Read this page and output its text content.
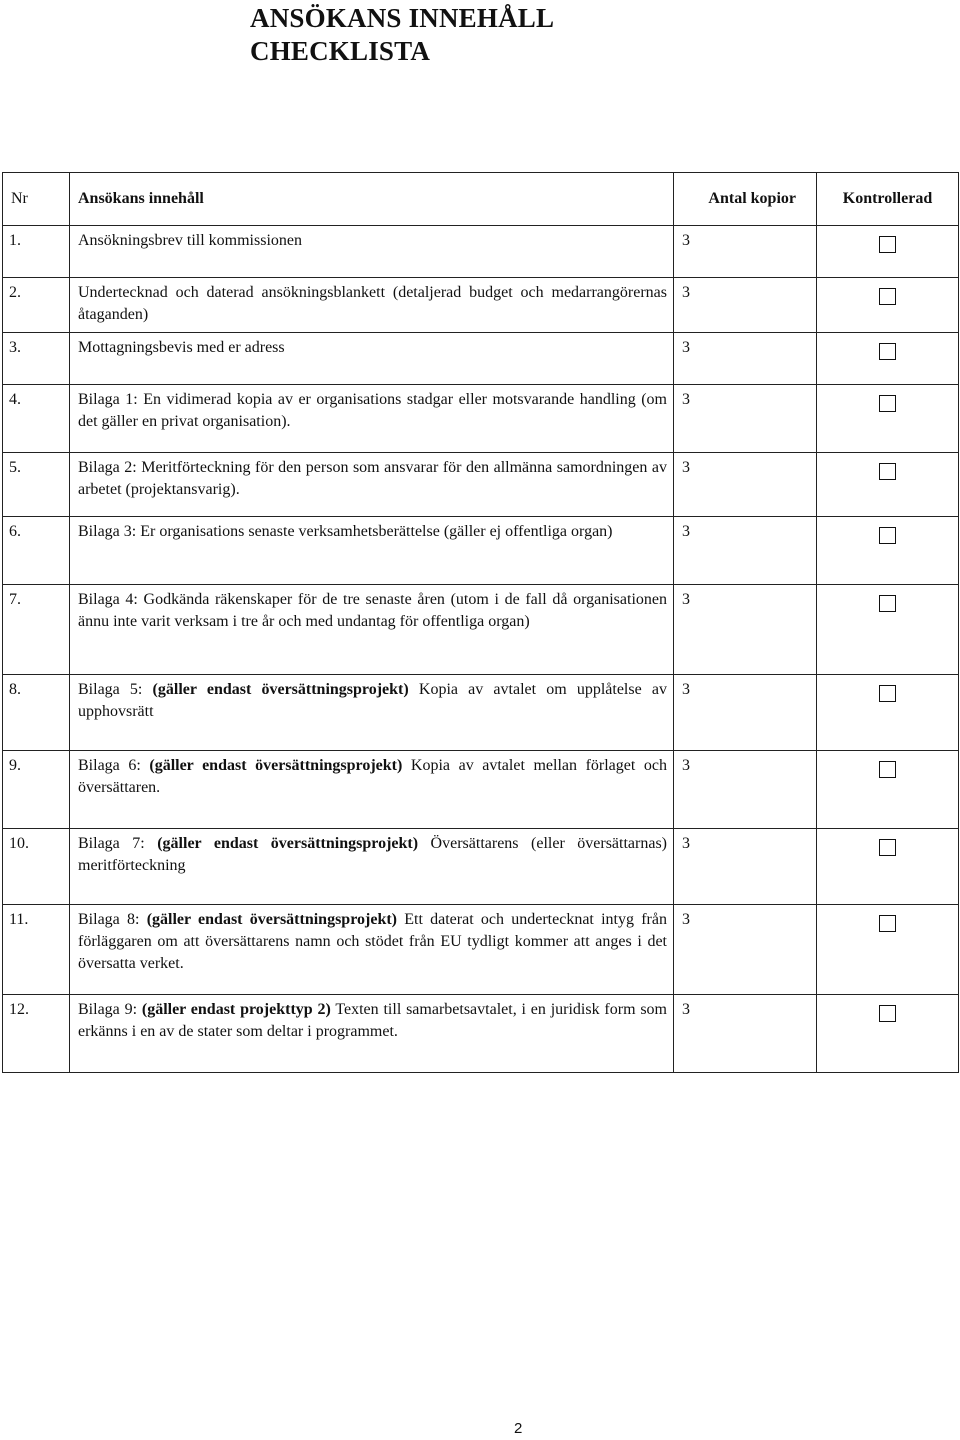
ANSÖKANS INNEHÅLL
CHECKLISTA
Nr	Ansökans innehåll	Antal kopior	Kontrollerad

1.	Ansökningsbrev till kommissionen	3	

2.	Undertecknad och daterad ansökningsblankett (detaljerad budget och medarrangörernas åtaganden)	3	

3.	Mottagningsbevis med er adress	3	

4.	Bilaga 1: En vidimerad kopia av er organisations stadgar eller motsvarande handling (om det gäller en privat organisation).	3	

5.	Bilaga 2: Meritförteckning för den person som ansvarar för den allmänna samordningen av arbetet (projektansvarig).	3	

6.	Bilaga 3: Er organisations senaste verksamhetsberättelse (gäller ej offentliga organ)	3	

7.	Bilaga 4: Godkända räkenskaper för de tre senaste åren (utom i de fall då organisationen ännu inte varit verksam i tre år och med undantag för offentliga organ)	3	

8.	Bilaga 5: (gäller endast översättningsprojekt) Kopia av avtalet om upplåtelse av upphovsrätt	3	

9.	Bilaga 6: (gäller endast översättningsprojekt) Kopia av avtalet mellan förlaget och översättaren.	3	

10.	Bilaga 7: (gäller endast översättningsprojekt) Översättarens (eller översättarnas) meritförteckning	3	

11.	Bilaga 8: (gäller endast översättningsprojekt) Ett daterat och undertecknat intyg från förläggaren om att översättarens namn och stödet från EU tydligt kommer att anges i det översatta verket.	3	

12.	Bilaga 9: (gäller endast projekttyp 2) Texten till samarbetsavtalet, i en juridisk form som erkänns i en av de stater som deltar i programmet.	3	

2
